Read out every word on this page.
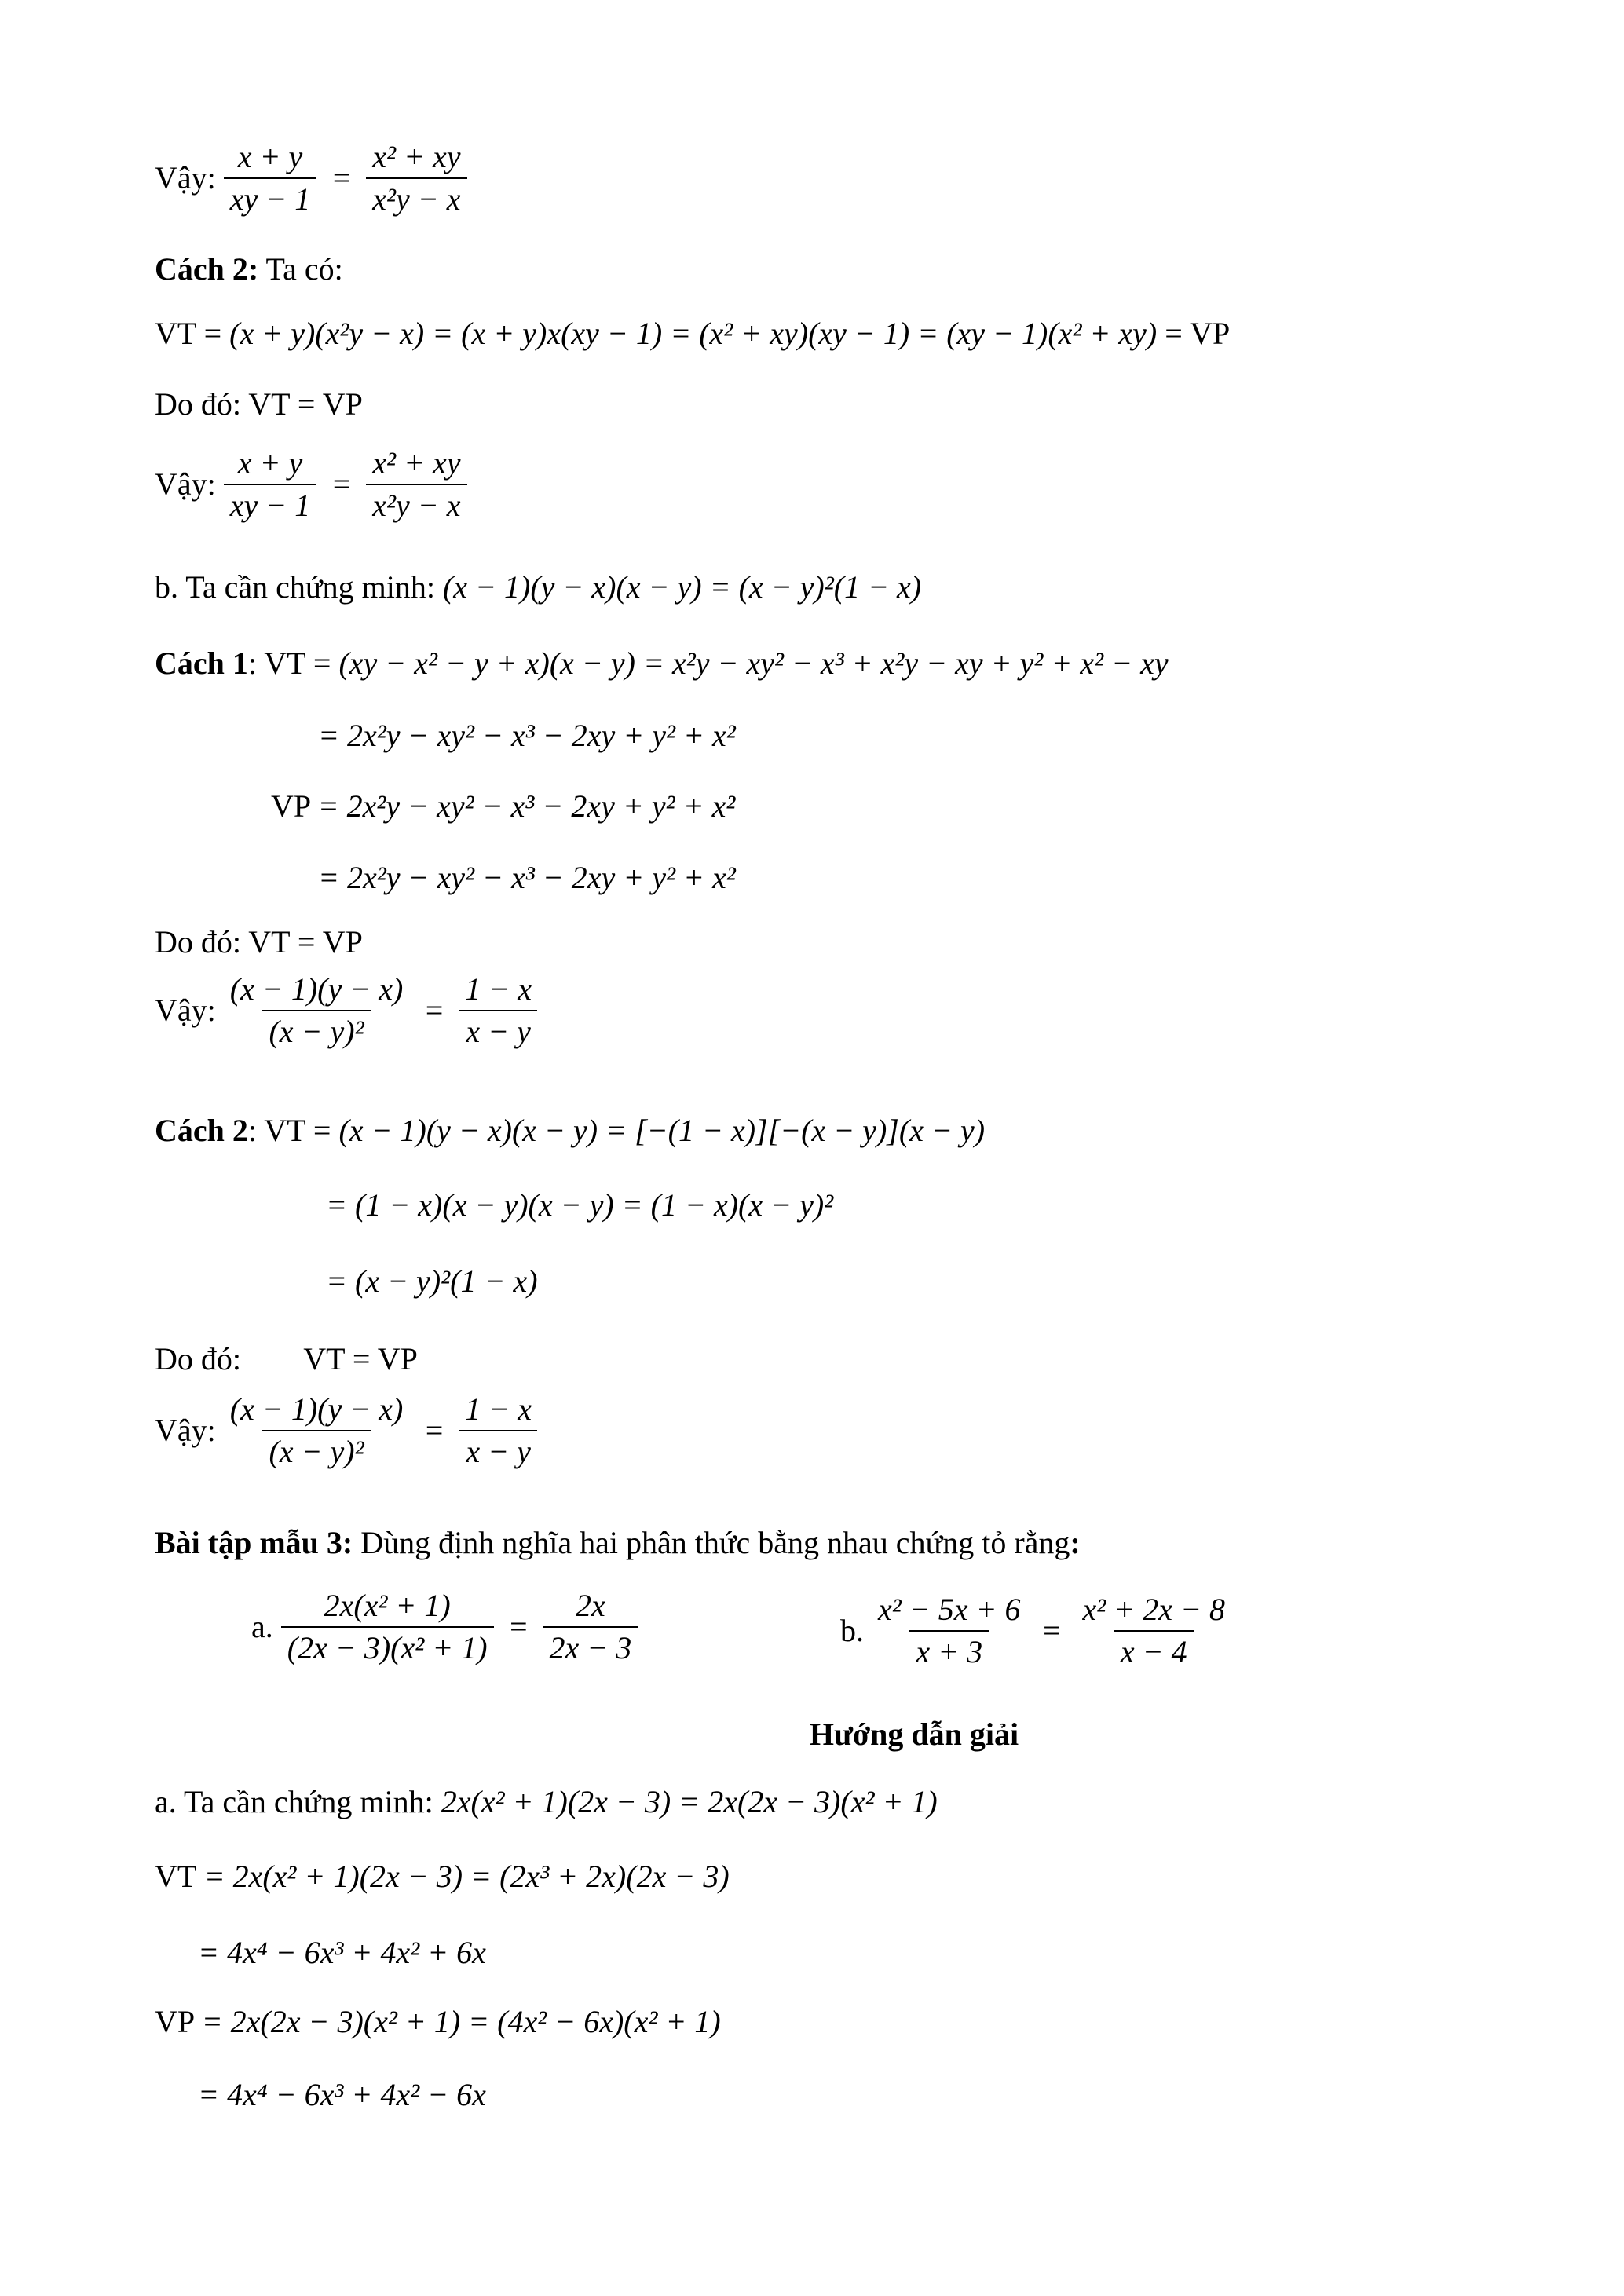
Vậy: $\frac{x + y}{xy - 1} = \frac{\text{x² + xy}}{\text{x²y − x}}$
Cách 2: Ta có:
VT = (x + y)(x²y − x) = (x + y)x(xy − 1) = (x² + xy)(xy − 1) = (xy − 1)(x² + xy) = VP
Do đó: VT = VP
Vậy: $\frac{x + y}{xy - 1} = \frac{\text{x² + xy}}{\text{x²y − x}}$
b. Ta cần chứng minh: (x − 1)(y − x)(x − y) = (x − y)²(1 − x)
Cách 1 : VT = (xy − x² − y + x)(x − y) = x²y − xy² − x³ + x²y − xy + y² + x² − xy
= 2x²y − xy² − x³ − 2xy + y² + x²
VP = 2x²y − xy² − x³ − 2xy + y² + x²
= 2x²y − xy² − x³ − 2xy + y² + x²
Do đó: VT = VP
Vậy: $\frac{(x - 1)(y - x)}{\text{(x − y)²}} = \frac{1 - x}{x - y}$
Cách 2 : VT = (x − 1)(y − x)(x − y) = [−(1 − x)][−(x − y)](x − y)
= (1 − x)(x − y)(x − y) = (1 − x)(x − y)²
= (x − y)²(1 − x)
Do đó:        VT = VP
Vậy: $\frac{(x - 1)(y - x)}{\text{(x − y)²}} = \frac{1 - x}{x - y}$
Bài tập mẫu 3: Dùng định nghĩa hai phân thức bằng nhau chứng tỏ rằng :
a. $\frac{\text{2x(x² + 1)}}{\text{(2x − 3)(x² + 1)}} = \frac{2x}{2x - 3}$	b. $\frac{\text{x² − 5x + 6}}{x + 3} = \frac{\text{x² + 2x − 8}}{x - 4}$
Hướng dẫn giải
a. Ta cần chứng minh: 2x(x² + 1)(2x − 3) = 2x(2x − 3)(x² + 1)
VT = 2x(x² + 1)(2x − 3) = (2x³ + 2x)(2x − 3)
= 4x⁴ − 6x³ + 4x² + 6x
VP = 2x(2x − 3)(x² + 1) = (4x² − 6x)(x² + 1)
= 4x⁴ − 6x³ + 4x² − 6x
